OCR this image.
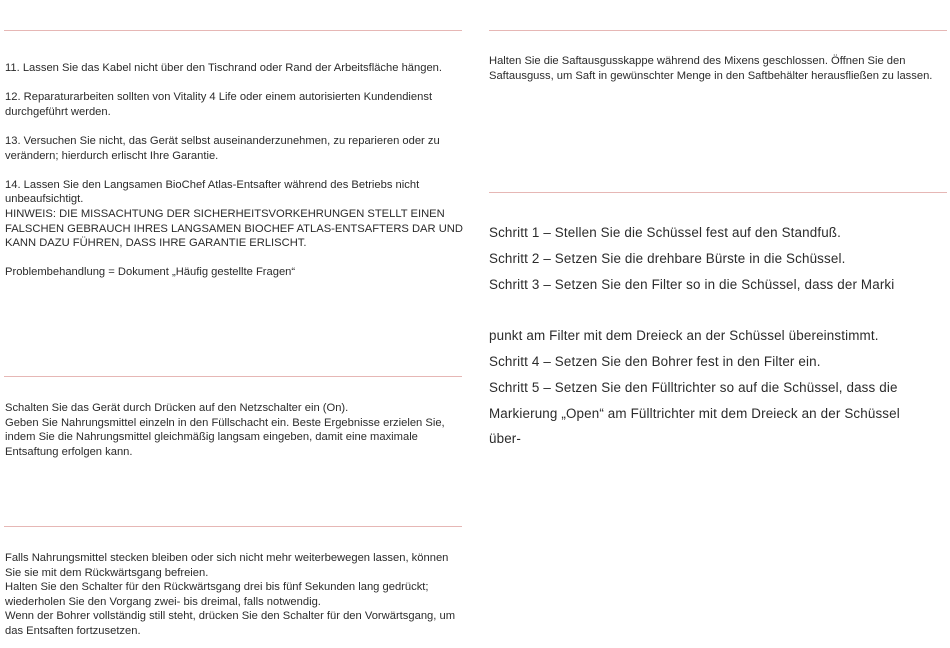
11. Lassen Sie das Kabel nicht über den Tischrand oder Rand der Arbeitsfläche hängen.

12. Reparaturarbeiten sollten von Vitality 4 Life oder einem autorisierten Kundendienst durchgeführt werden.

13. Versuchen Sie nicht, das Gerät selbst auseinanderzunehmen, zu reparieren oder zu verändern; hierdurch erlischt Ihre Garantie.

14. Lassen Sie den Langsamen BioChef Atlas-Entsafter während des Betriebs nicht unbeaufsichtigt.

HINWEIS: DIE MISSACHTUNG DER SICHERHEITSVORKEHRUNGEN STELLT EINEN FALSCHEN GEBRAUCH IHRES LANGSAMEN BIOCHEF ATLAS-ENTSAFTERS DAR UND KANN DAZU FÜHREN, DASS IHRE GARANTIE ERLISCHT.

Problembehandlung = Dokument „Häufig gestellte Fragen“

Schalten Sie das Gerät durch Drücken auf den Netzschalter ein (On).

Geben Sie Nahrungsmittel einzeln in den Füllschacht ein. Beste Ergebnisse erzielen Sie, indem Sie die Nahrungsmittel gleichmäßig langsam eingeben, damit eine maximale Entsaftung erfolgen kann.

Falls Nahrungsmittel stecken bleiben oder sich nicht mehr weiterbewegen lassen, können Sie sie mit dem Rückwärtsgang befreien.

Halten Sie den Schalter für den Rückwärtsgang drei bis fünf Sekunden lang gedrückt; wiederholen Sie den Vorgang zwei- bis dreimal, falls notwendig.

Wenn der Bohrer vollständig still steht, drücken Sie den Schalter für den Vorwärtsgang, um das Entsaften fortzusetzen.

Halten Sie die Saftausgusskappe während des Mixens geschlossen. Öffnen Sie den Saftausguss, um Saft in gewünschter Menge in den Saftbehälter herausfließen zu lassen.

Schritt 1 – Stellen Sie die Schüssel fest auf den Standfuß.

Schritt 2 – Setzen Sie die drehbare Bürste in die Schüssel.

Schritt 3 – Setzen Sie den Filter so in die Schüssel, dass der Marki

punkt am Filter mit dem Dreieck an der Schüssel übereinstimmt.

Schritt 4 – Setzen Sie den Bohrer fest in den Filter ein.

Schritt 5 – Setzen Sie den Fülltrichter so auf die Schüssel, dass die

Markierung „Open“ am Fülltrichter mit dem Dreieck an der Schüssel

über-
